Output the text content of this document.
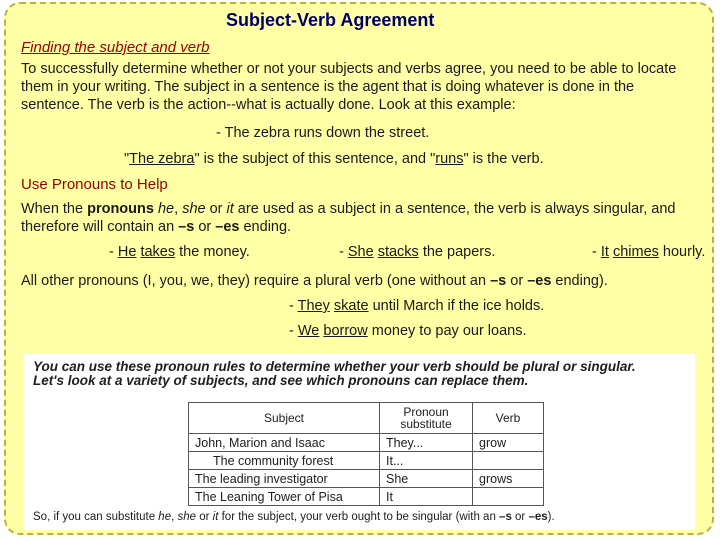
Subject-Verb Agreement
Finding the subject and verb
To successfully determine whether or not your subjects and verbs agree, you need to be able to locate them in your writing. The subject in a sentence is the agent that is doing whatever is done in the sentence. The verb is the action--what is actually done. Look at this example:
- The zebra runs down the street.
"The zebra" is the subject of this sentence, and "runs" is the verb.
Use Pronouns to Help
When the pronouns he, she or it are used as a subject in a sentence, the verb is always singular, and therefore will contain an –s or –es ending.
- He takes the money.	- She stacks the papers.	- It chimes hourly.
All other pronouns (I, you, we, they) require a plural verb (one without an –s or –es ending).
- They skate until March if the ice holds.
- We borrow money to pay our loans.
You can use these pronoun rules to determine whether your verb should be plural or singular.
Let's look at a variety of subjects, and see which pronouns can replace them.
Subject	Pronoun substitute	Verb
John, Marion and Isaac	They...	grow
The community forest	It...	
The leading investigator	She	grows
The Leaning Tower of Pisa	It	
So, if you can substitute he, she or it for the subject, your verb ought to be singular (with an –s or –es).
